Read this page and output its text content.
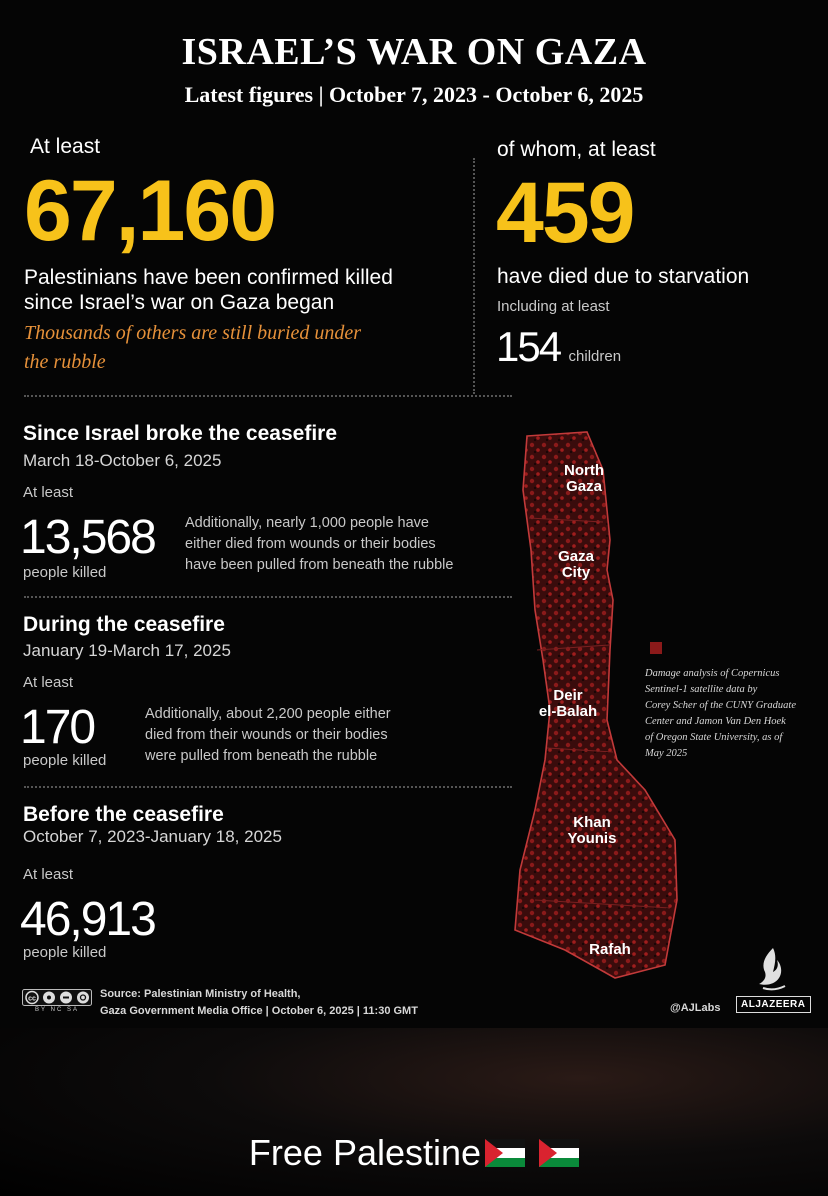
ISRAEL’S WAR ON GAZA
Latest figures | October 7, 2023 - October 6, 2025
At least
67,160
Palestinians have been confirmed killed
since Israel’s war on Gaza began
Thousands of others are still buried under
the rubble
of whom, at least
459
have died due to starvation
Including at least
154 children
Since Israel broke the ceasefire
March 18-October 6, 2025
At least
13,568
people killed
Additionally, nearly 1,000 people have
either died from wounds or their bodies
have been pulled from beneath the rubble
During the ceasefire
January 19-March 17, 2025
At least
170
people killed
Additionally, about 2,200 people either
died from their wounds or their bodies
were pulled from beneath the rubble
Before the ceasefire
October 7, 2023-January 18, 2025
At least
46,913
people killed
North
Gaza
Gaza
City
Deir
el-Balah
Khan
Younis
Rafah
Damage analysis of Copernicus
Sentinel-1 satellite data by
Corey Scher of the CUNY Graduate
Center and Jamon Van Den Hoek
of Oregon State University, as of
May 2025
cc
BY NC SA
Source: Palestinian Ministry of Health,
Gaza Government Media Office | October 6, 2025 | 11:30 GMT	@AJLabs	ALJAZEERA
Free Palestine
